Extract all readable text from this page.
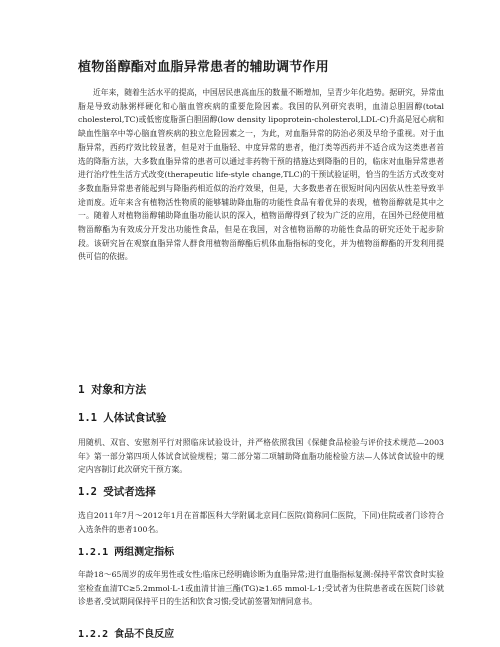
植物甾醇酯对血脂异常患者的辅助调节作用

近年来，随着生活水平的提高，中国居民患高血压的数量不断增加，呈青少年化趋势。据研究，异常血脂是导致动脉粥样硬化和心脑血管疾病的重要危险因素。我国的队列研究表明，血清总胆固醇(total cholesterol,TC)或低密度脂蛋白胆固醇(low density lipoprotein-cholesterol,LDL-C)升高是冠心病和缺血性脑卒中等心脑血管疾病的独立危险因素之一，为此，对血脂异常的防治必须及早给予重视。对于血脂异常，西药疗效比较显著，但是对于血脂轻、中度异常的患者，他汀类等西药并不适合成为这类患者首选的降脂方法，大多数血脂异常的患者可以通过非药物干预的措施达到降脂的目的，临床对血脂异常患者进行治疗性生活方式改变(therapeutic life-style change,TLC)的干预试验证明，恰当的生活方式改变对多数血脂异常患者能起到与降脂药相近似的治疗效果，但是，大多数患者在很短时间内因依从性差导致半途而废。近年来含有植物活性物质的能够辅助降血脂的功能性食品有着优异的表现，植物甾醇就是其中之一。随着人对植物甾醇辅助降血脂功能认识的深入，植物甾醇得到了较为广泛的应用，在国外已经使用植物甾醇酯为有效成分开发出功能性食品，但是在我国，对含植物甾醇的功能性食品的研究还处于起步阶段。该研究旨在观察血脂异常人群食用植物甾醇酯后机体血脂指标的变化，并为植物甾醇酯的开发利用提供可信的依据。

1 对象和方法
1.1 人体试食试验

用随机、双盲、安慰剂平行对照临床试验设计，并严格依照我国《保健食品检验与评价技术规范—2003年》第一部分第四项人体试食试验规程；第二部分第二项辅助降血脂功能检验方法—人体试食试验中的规定内容制订此次研究干预方案。

1.2 受试者选择

选自2011年7月～2012年1月在首都医科大学附属北京同仁医院(简称同仁医院，下同)住院或者门诊符合入选条件的患者100名。

1.2.1 两组测定指标

年龄18～65周岁的成年男性或女性;临床已经明确诊断为血脂异常;进行血脂指标复测:保持平常饮食时实验室检查血清TC≥5.2mmol·L-1或血清甘油三酯(TG)≥1.65 mmol·L-1;受试者为住院患者或在医院门诊就诊患者,受试期间保持平日的生活和饮食习惯;受试前签署知情同意书。

1.2.2 食品不良反应
